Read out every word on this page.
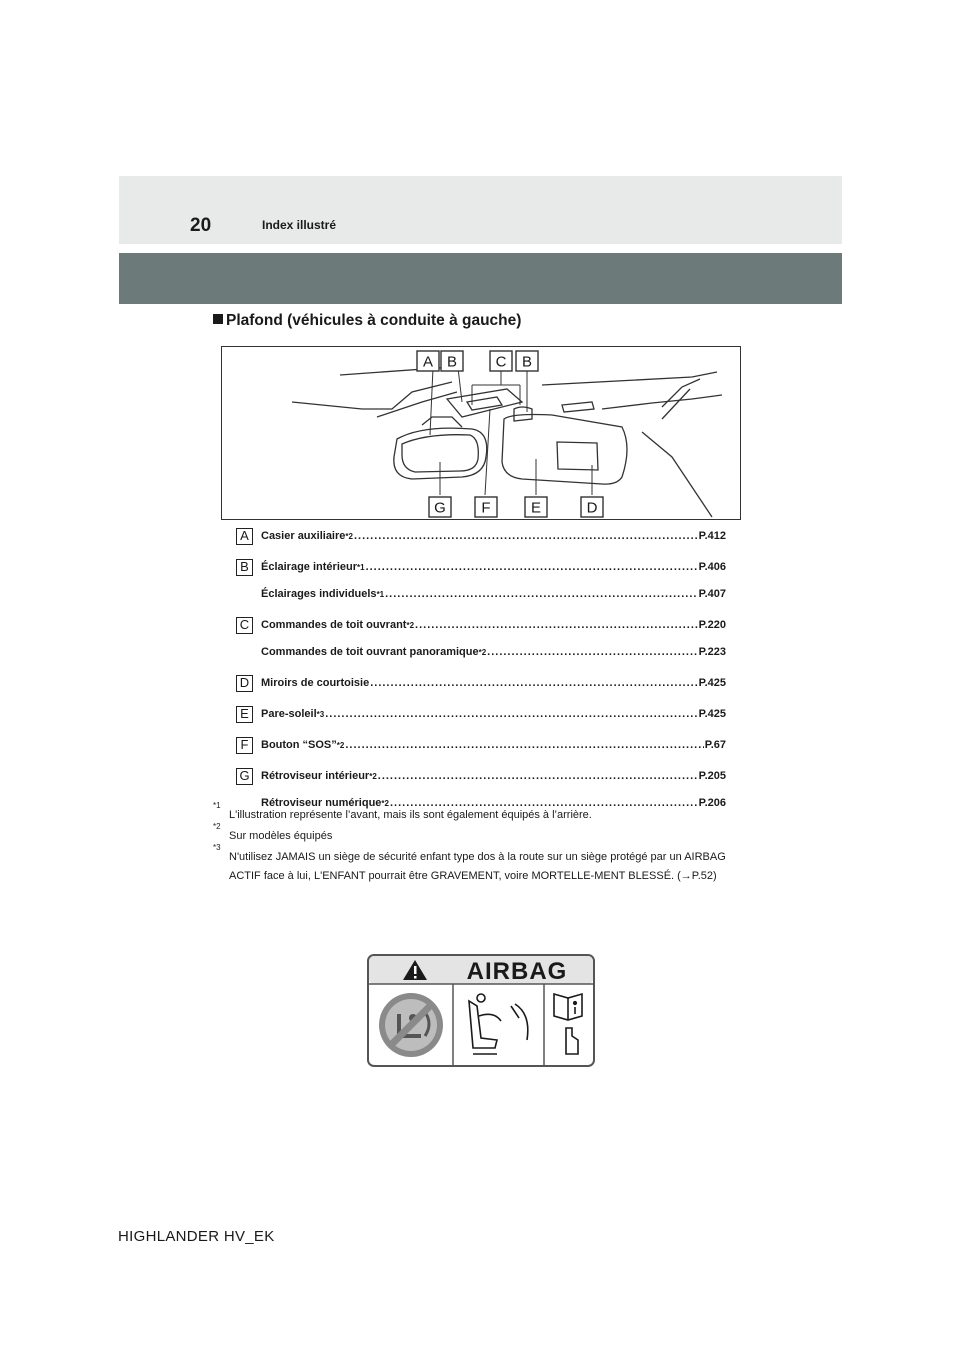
20	Index illustré
Plafond (véhicules à conduite à gauche)
A B	C B
G F	E	D
A	Casier auxiliaire *2 .....	P.412
B	Éclairage intérieur *1 .....	P.406
Éclairages individuels *1 .....	P.407
C	Commandes de toit ouvrant *2 .....	P.220
Commandes de toit ouvrant panoramique *2 .....	P.223
D	Miroirs de courtoisie .....	P.425
E	Pare-soleil *3 .....	P.425
F	Bouton “SOS” *2 .....	P.67
G	Rétroviseur intérieur *2 .....	P.205
Rétroviseur numérique *2 .....	P.206
*1
L'illustration représente l’avant, mais ils sont également équipés à l’arrière.
*2
Sur modèles équipés
*3
N'utilisez JAMAIS un siège de sécurité enfant type dos à la route sur un siège protégé par un AIRBAG ACTIF face à lui, L'ENFANT pourrait être GRAVEMENT, voire MORTELLE-MENT BLESSÉ. (→P.52)
AIRBAG
HIGHLANDER HV_EK
